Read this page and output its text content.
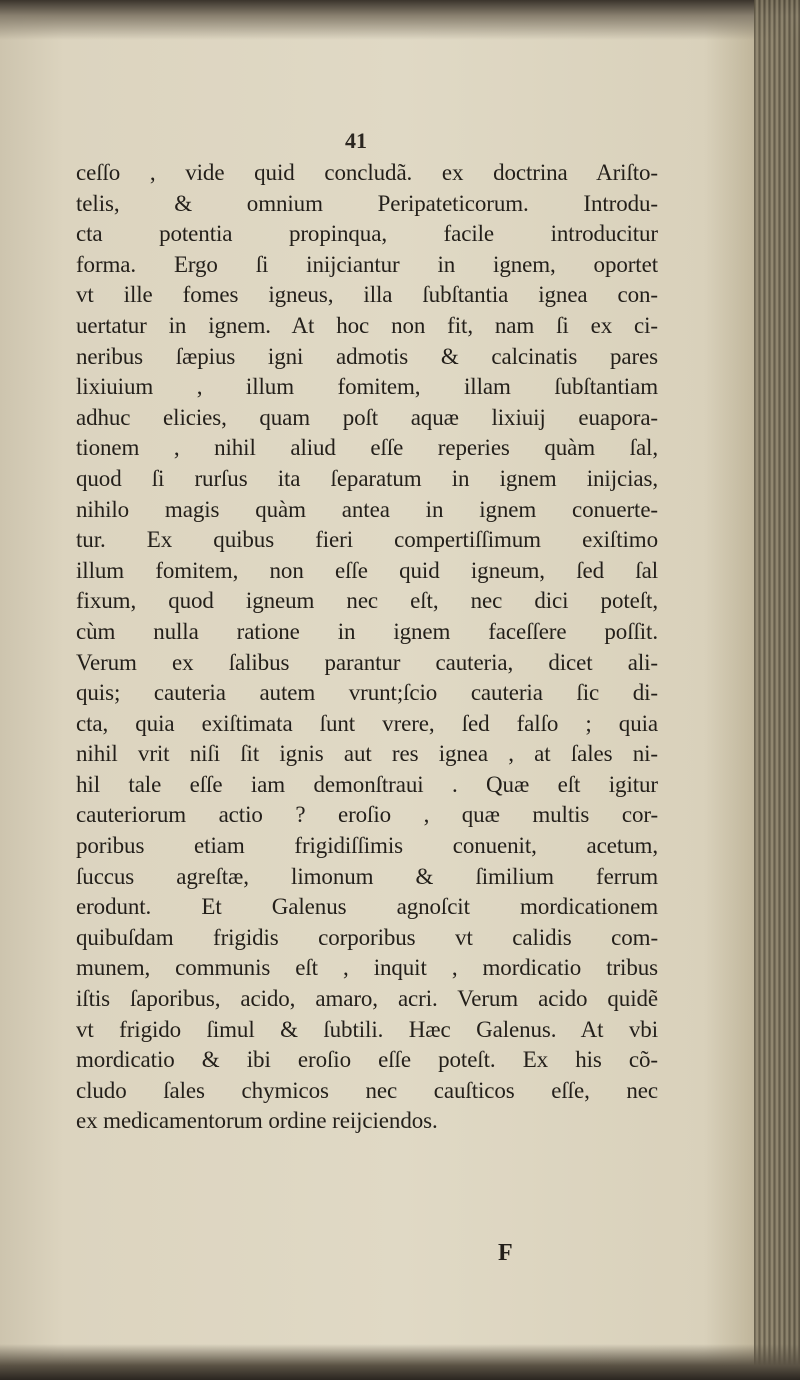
41
ceſſo , vide quid concludã. ex doctrina Ariſto-
telis, & omnium Peripateticorum. Introdu-
cta potentia propinqua, facile introducitur
forma. Ergo ſi inijciantur in ignem, oportet
vt ille fomes igneus, illa ſubſtantia ignea con-
uertatur in ignem. At hoc non fit, nam ſi ex ci-
neribus ſæpius igni admotis & calcinatis pares
lixiuium , illum fomitem, illam ſubſtantiam
adhuc elicies, quam poſt aquæ lixiuij euapora-
tionem , nihil aliud eſſe reperies quàm ſal,
quod ſi rurſus ita ſeparatum in ignem inijcias,
nihilo magis quàm antea in ignem conuerte-
tur. Ex quibus fieri compertiſſimum exiſtimo
illum fomitem, non eſſe quid igneum, ſed ſal
fixum, quod igneum nec eſt, nec dici poteſt,
cùm nulla ratione in ignem faceſſere poſſit.
Verum ex ſalibus parantur cauteria, dicet ali-
quis; cauteria autem vrunt;ſcio cauteria ſic di-
cta, quia exiſtimata ſunt vrere, ſed falſo ; quia
nihil vrit niſi ſit ignis aut res ignea , at ſales ni-
hil tale eſſe iam demonſtraui . Quæ eſt igitur
cauteriorum actio ? eroſio , quæ multis cor-
poribus etiam frigidiſſimis conuenit, acetum,
ſuccus agreſtæ, limonum & ſimilium ferrum
erodunt. Et Galenus agnoſcit mordicationem
quibuſdam frigidis corporibus vt calidis com-
munem, communis eſt , inquit , mordicatio tribus
iſtis ſaporibus, acido, amaro, acri. Verum acido quidẽ
vt frigido ſimul & ſubtili. Hæc Galenus. At vbi
mordicatio & ibi eroſio eſſe poteſt. Ex his cõ-
cludo ſales chymicos nec cauſticos eſſe, nec
ex medicamentorum ordine reijciendos.
F
